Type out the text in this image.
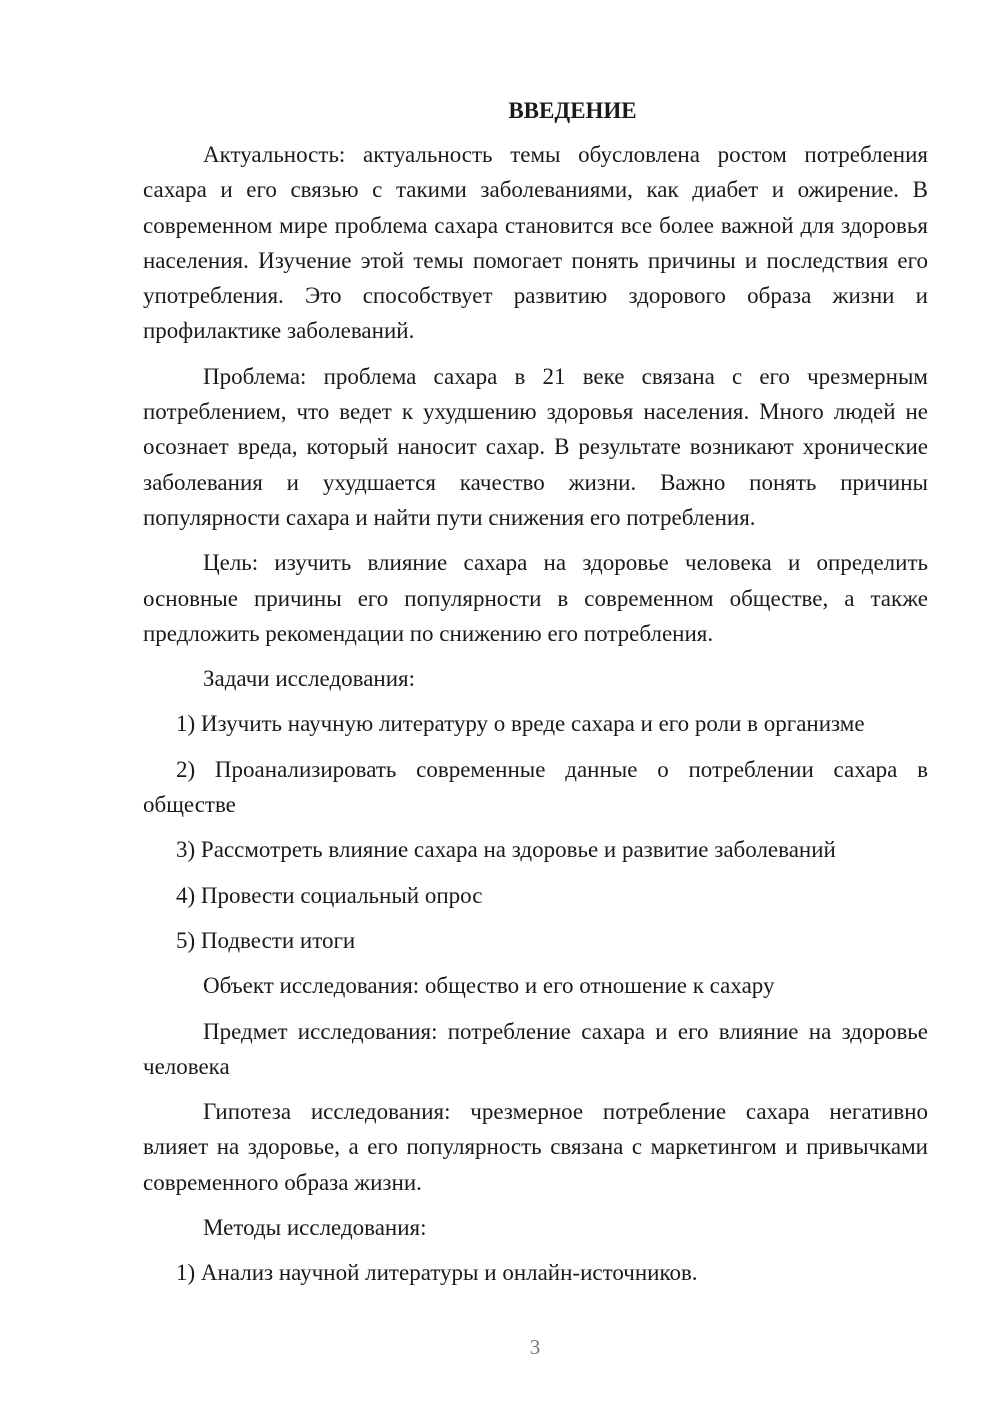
ВВЕДЕНИЕ

Актуальность: актуальность темы обусловлена ростом потребления сахара и его связью с такими заболеваниями, как диабет и ожирение. В современном мире проблема сахара становится все более важной для здоровья населения. Изучение этой темы помогает понять причины и последствия его употребления. Это способствует развитию здорового образа жизни и профилактике заболеваний.

Проблема: проблема сахара в 21 веке связана с его чрезмерным потреблением, что ведет к ухудшению здоровья населения. Много людей не осознает вреда, который наносит сахар. В результате возникают хронические заболевания и ухудшается качество жизни. Важно понять причины популярности сахара и найти пути снижения его потребления.

Цель: изучить влияние сахара на здоровье человека и определить основные причины его популярности в современном обществе, а также предложить рекомендации по снижению его потребления.

Задачи исследования:

1) Изучить научную литературу о вреде сахара и его роли в организме

2) Проанализировать современные данные о потреблении сахара в обществе

3) Рассмотреть влияние сахара на здоровье и развитие заболеваний

4) Провести социальный опрос

5) Подвести итоги

Объект исследования: общество и его отношение к сахару

Предмет исследования: потребление сахара и его влияние на здоровье человека

Гипотеза исследования: чрезмерное потребление сахара негативно влияет на здоровье, а его популярность связана с маркетингом и привычками современного образа жизни.

Методы исследования:

1) Анализ научной литературы и онлайн-источников.

3
